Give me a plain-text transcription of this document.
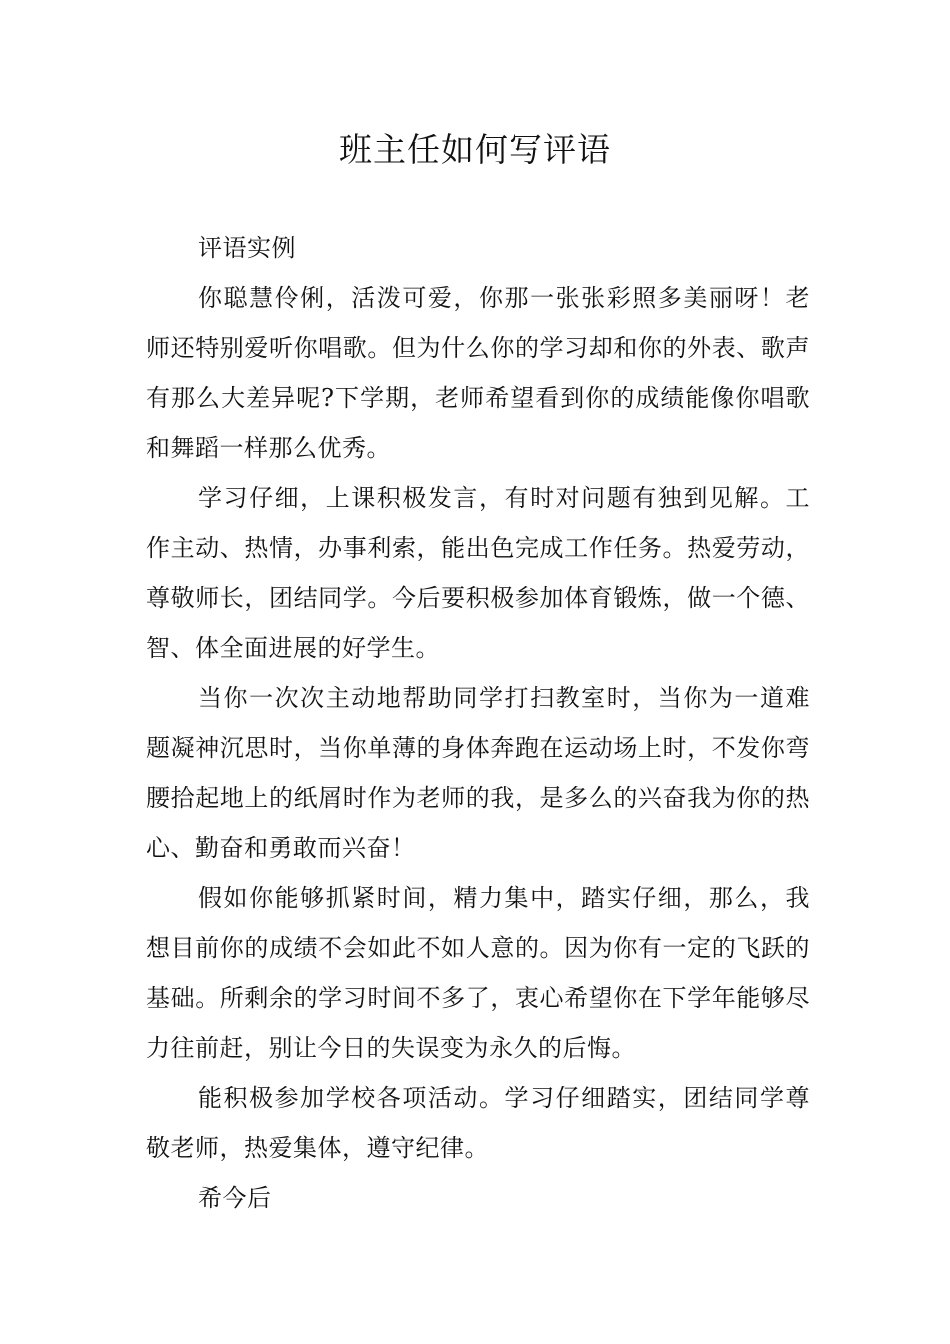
班主任如何写评语

评语实例

你聪慧伶俐，活泼可爱，你那一张张彩照多美丽呀！老师还特别爱听你唱歌。但为什么你的学习却和你的外表、歌声有那么大差异呢?下学期，老师希望看到你的成绩能像你唱歌和舞蹈一样那么优秀。

学习仔细，上课积极发言，有时对问题有独到见解。工作主动、热情，办事利索，能出色完成工作任务。热爱劳动，尊敬师长，团结同学。今后要积极参加体育锻炼，做一个德、智、体全面进展的好学生。

当你一次次主动地帮助同学打扫教室时，当你为一道难题凝神沉思时，当你单薄的身体奔跑在运动场上时，不发你弯腰拾起地上的纸屑时作为老师的我，是多么的兴奋我为你的热心、勤奋和勇敢而兴奋！

假如你能够抓紧时间，精力集中，踏实仔细，那么，我想目前你的成绩不会如此不如人意的。因为你有一定的飞跃的基础。所剩余的学习时间不多了，衷心希望你在下学年能够尽力往前赶，别让今日的失误变为永久的后悔。

能积极参加学校各项活动。学习仔细踏实，团结同学尊敬老师，热爱集体，遵守纪律。

希今后
